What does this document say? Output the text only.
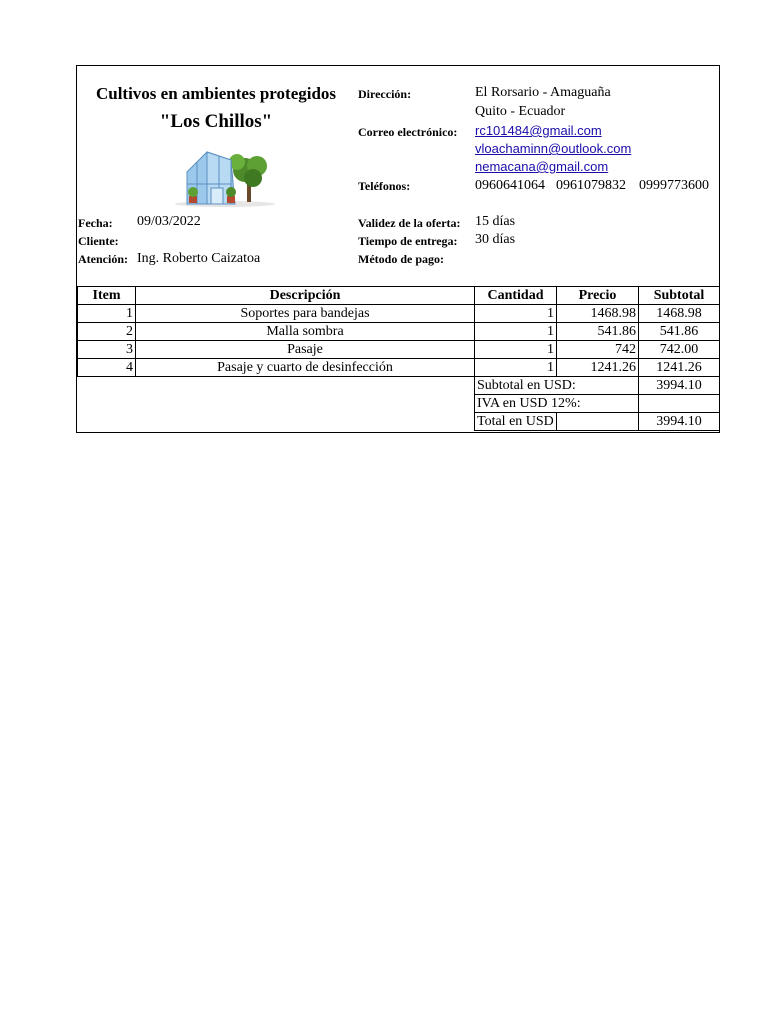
Cultivos en ambientes protegidos
"Los Chillos"
Dirección:	El Rorsario - Amaguaña
Quito - Ecuador
Correo electrónico: rc101484@gmail.com
vloachaminn@outlook.com
nemacana@gmail.com
Teléfonos:	0960641064 0961079832 0999773600
Fecha: 09/03/2022
Cliente:
Atención: Ing. Roberto Caizatoa
Validez de la oferta: 15 días
Tiempo de entrega: 30 días
Método de pago:
Item	Descripción	Cantidad	Precio	Subtotal
1	Soportes para bandejas	1	1468.98	1468.98
2	Malla sombra	1	541.86	541.86
3	Pasaje	1	742	742.00
4	Pasaje y cuarto de desinfección	1	1241.26	1241.26
		Subtotal en USD:		3994.10
		IVA en USD 12%:		
		Total en USD		3994.10
